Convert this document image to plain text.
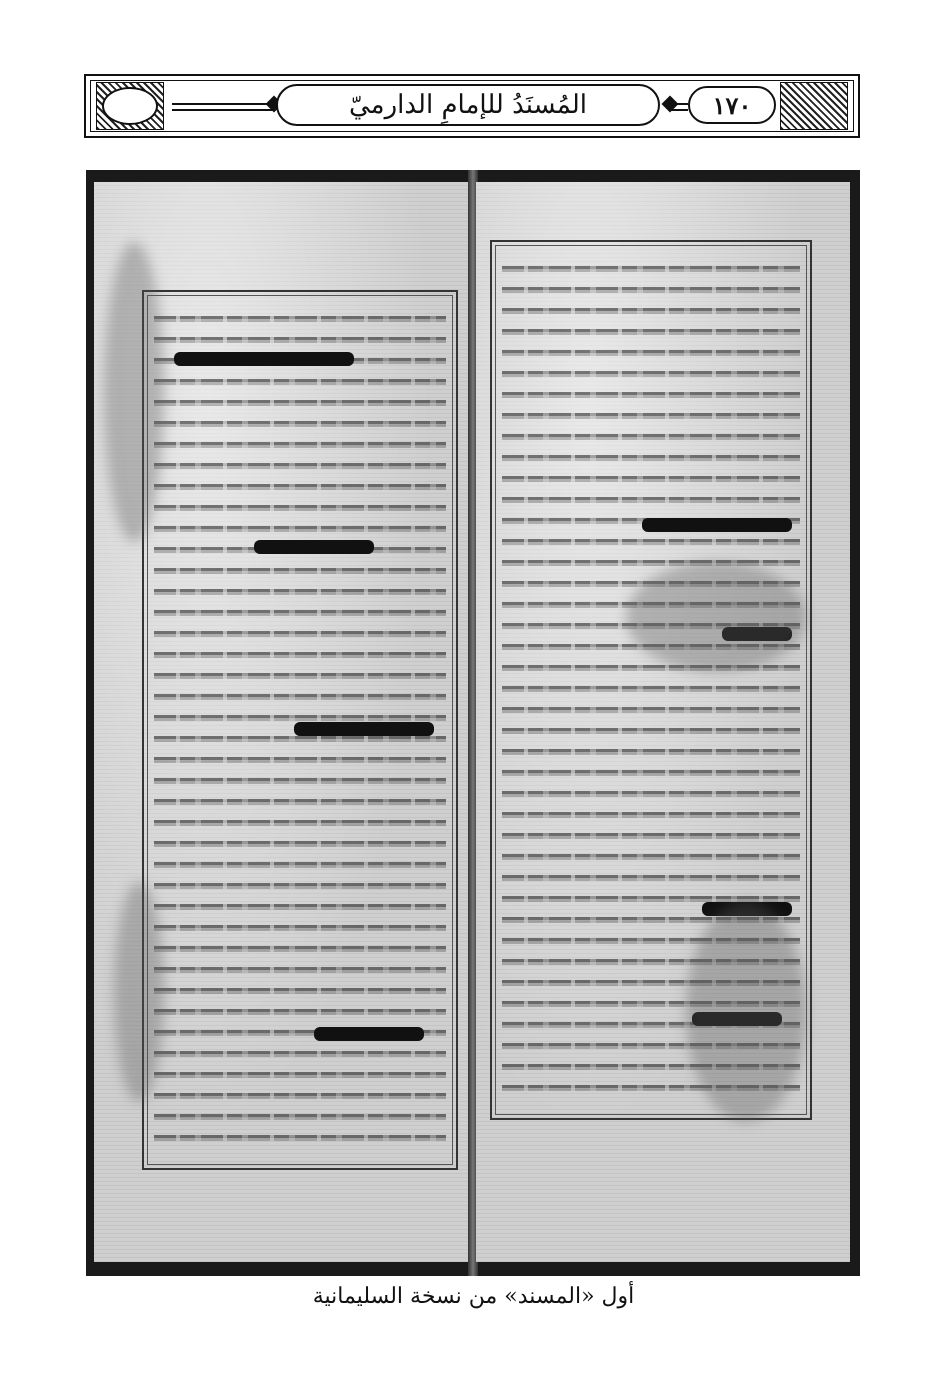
المُسنَدُ للإمامِ الدارميّ	١٧٠
أول «المسند» من نسخة السليمانية
